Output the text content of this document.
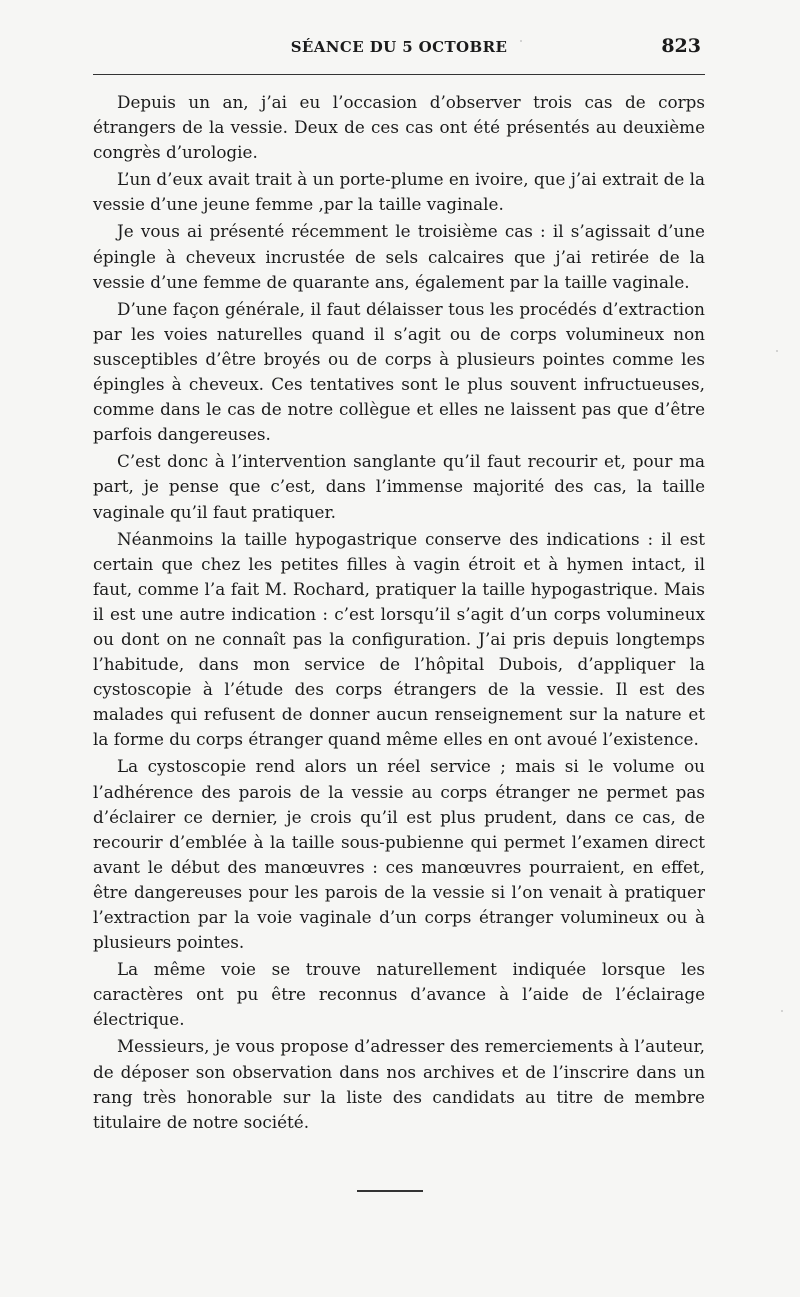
SÉANCE DU 5 OCTOBRE	823

Depuis un an, j’ai eu l’occasion d’observer trois cas de corps étrangers de la vessie. Deux de ces cas ont été présentés au deuxième congrès d’urologie.

L’un d’eux avait trait à un porte-plume en ivoire, que j’ai extrait de la vessie d’une jeune femme ,par la taille vaginale.

Je vous ai présenté récemment le troisième cas : il s’agissait d’une épingle à cheveux incrustée de sels calcaires que j’ai retirée de la vessie d’une femme de quarante ans, également par la taille vaginale.

D’une façon générale, il faut délaisser tous les procédés d’extraction par les voies naturelles quand il s’agit ou de corps volumineux non susceptibles d’être broyés ou de corps à plusieurs pointes comme les épingles à cheveux. Ces tentatives sont le plus souvent infructueuses, comme dans le cas de notre collègue et elles ne laissent pas que d’être parfois dangereuses.

C’est donc à l’intervention sanglante qu’il faut recourir et, pour ma part, je pense que c’est, dans l’immense majorité des cas, la taille vaginale qu’il faut pratiquer.

Néanmoins la taille hypogastrique conserve des indications : il est certain que chez les petites filles à vagin étroit et à hymen intact, il faut, comme l’a fait M. Rochard, pratiquer la taille hypogastrique. Mais il est une autre indication : c’est lorsqu’il s’agit d’un corps volumineux ou dont on ne connaît pas la configuration. J’ai pris depuis longtemps l’habitude, dans mon service de l’hôpital Dubois, d’appliquer la cystoscopie à l’étude des corps étrangers de la vessie. Il est des malades qui refusent de donner aucun renseignement sur la nature et la forme du corps étranger quand même elles en ont avoué l’existence.

La cystoscopie rend alors un réel service ; mais si le volume ou l’adhérence des parois de la vessie au corps étranger ne permet pas d’éclairer ce dernier, je crois qu’il est plus prudent, dans ce cas, de recourir d’emblée à la taille sous-pubienne qui permet l’examen direct avant le début des manœuvres : ces manœuvres pourraient, en effet, être dangereuses pour les parois de la vessie si l’on venait à pratiquer l’extraction par la voie vaginale d’un corps étranger volumineux ou à plusieurs pointes.

La même voie se trouve naturellement indiquée lorsque les caractères ont pu être reconnus d’avance à l’aide de l’éclairage électrique.

Messieurs, je vous propose d’adresser des remerciements à l’auteur, de déposer son observation dans nos archives et de l’inscrire dans un rang très honorable sur la liste des candidats au titre de membre titulaire de notre société.
